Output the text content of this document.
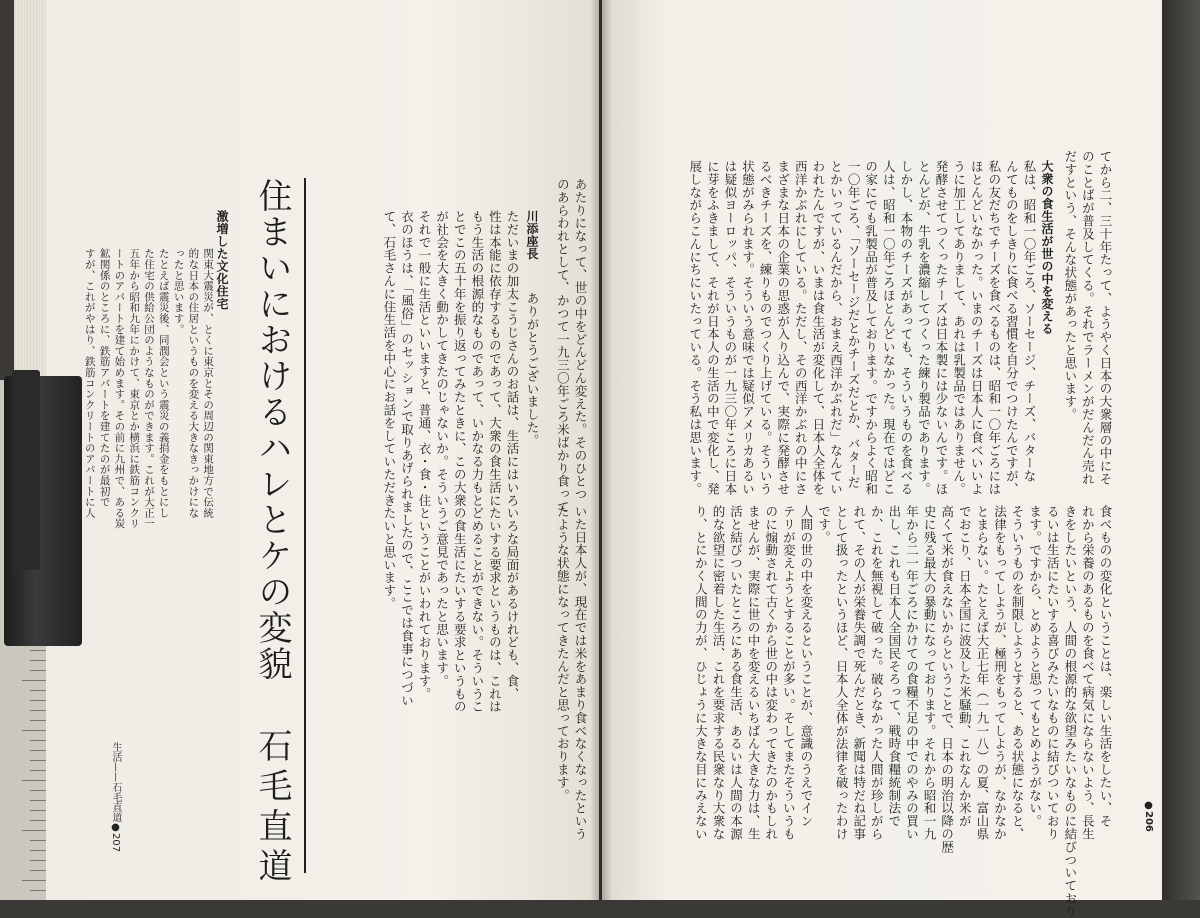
あたりになって、世の中をどんどん変えた。そのひとつ
のあらわれとして、かつて一九三〇年ごろ米ばかり食って
川添座長
ありがとうございました。
ただいまの加太こうじさんのお話は、生活にはいろいろな局面があるけれども、食、
性は本能に依存するものであって、大衆の食生活にたいする要求というものは、これは
もう生活の根源的なものであって、いかなる力もとどめることができない。そういうこ
とでこの五十年を振り返ってみたときに、この大衆の食生活にたいする要求というもの
が社会を大きく動かしてきたのじゃないか。そういうご意見であったと思います。
それで一般に生活といいますと、普通、衣・食・住ということがいわれております。
衣のほうは、「風俗」のセッションで取りあげられましたので、ここでは食事につづい
て、石毛さんに住生活を中心にお話をしていただきたいと思います。
いた日本人が、現在では米をあまり食べなくなったという
たような状態になってきたんだと思っております。
住まいにおけるハレとケの変貌
石毛直道
激増した文化住宅
関東大震災が、とくに東京とその周辺の関東地方で伝統
的な日本の住居というものを変える大きなきっかけにな
ったと思います。
たとえば震災後、同潤会という震災の義捐金をもとにし
た住宅の供給公団のようなものができます。これが大正一
五年から昭和九年にかけて、東京とか横浜に鉄筋コンクリ
ートのアパートを建て始めます。その前に九州で、ある炭
鉱関係のところに、鉄筋アパートを建てたのが最初で
すが、これがやはり、鉄筋コンクリートのアパートに人
生活——石毛直道●207
てから二、三十年たって、ようやく日本の大衆層の中にそ
のことばが普及してくる。それでラーメンがだんだん売れ
だすという、そんな状態があったと思います。
大衆の食生活が世の中を変える
私は、昭和一〇年ごろ、ソーセージ、チーズ、バターな
んてものをしきりに食べる習慣を自分でつけたんですが、
私の友だちでチーズを食べるものは、昭和一〇年ごろには
ほとんどいなかった。いまのチーズは日本人に食べいいよ
うに加工してありまして、あれは乳製品ではありません。
発酵させてつくったチーズは日本製には少ないんです。ほ
とんどが、牛乳を濃縮してつくった練り製品であります。
しかし、本物のチーズがあっても、そういうものを食べる
人は、昭和一〇年ごろほとんどいなかった。現在ではどこ
の家にでも乳製品が普及しております。ですからよく昭和
一〇年ごろ、「ソーセージだとかチーズだとか、バターだ
とかいっているんだから、おまえ西洋かぶれだ」なんてい
われたんですが、いまは食生活が変化して、日本人全体を
西洋かぶれにしている。ただし、その西洋かぶれの中にさ
まざまな日本の企業の思惑が入り込んで、実際に発酵させ
るべきチーズを、練りものでつくり上げている。そういう
状態がみられます。そういう意味では疑似アメリカあるい
は疑似ヨーロッパ、そういうものが一九三〇年ころに日本
に芽をふきまして、それが日本人の生活の中で変化し、発
展しながらこんにちにいたっている。そう私は思います。
食べものの変化ということは、楽しい生活をしたい、そ
れから栄養のあるものを食べて病気にならないよう、長生
きをしたいという、人間の根源的な欲望みたいなものに結びついており
るいは生活にたいする喜びみたいなものに結びついており
ます。ですから、とめようと思ってもとめようがない。
そういうものを制限しようとすると、ある状態になると、
法律をもってしようが、極刑をもってしようが、なかなか
とまらない。たとえば大正七年（一九一八）の夏、富山県
でおこり、日本全国に波及した米騒動、これなんか米が
高くて米が食えないからということで、日本の明治以降の歴
史に残る最大の暴動になっております。それから昭和一九
年から二一年ごろにかけての食糧不足の中でのやみの買い
出し、これも日本人全国民そろって、戦時食糧統制法で
か、これを無視して破った。破らなかった人間が珍しがら
れて、その人が栄養失調で死んだとき、新聞は特だね記事
として扱ったというほど、日本人全体が法律を破ったわけ
です。
人間の世の中を変えるということが、意識のうえでイン
テリが変えようとすることが多い。そしてまたそういうも
のに煽動されて古くから世の中は変わってきたのかもしれ
ませんが、実際に世の中を変えるいちばん大きな力は、生
活と結びついたところにある食生活、あるいは人間の本源
的な欲望に密着した生活、これを要求する民衆なり大衆な
り、とにかく人間の力が、ひじょうに大きな目にみえない	●206
